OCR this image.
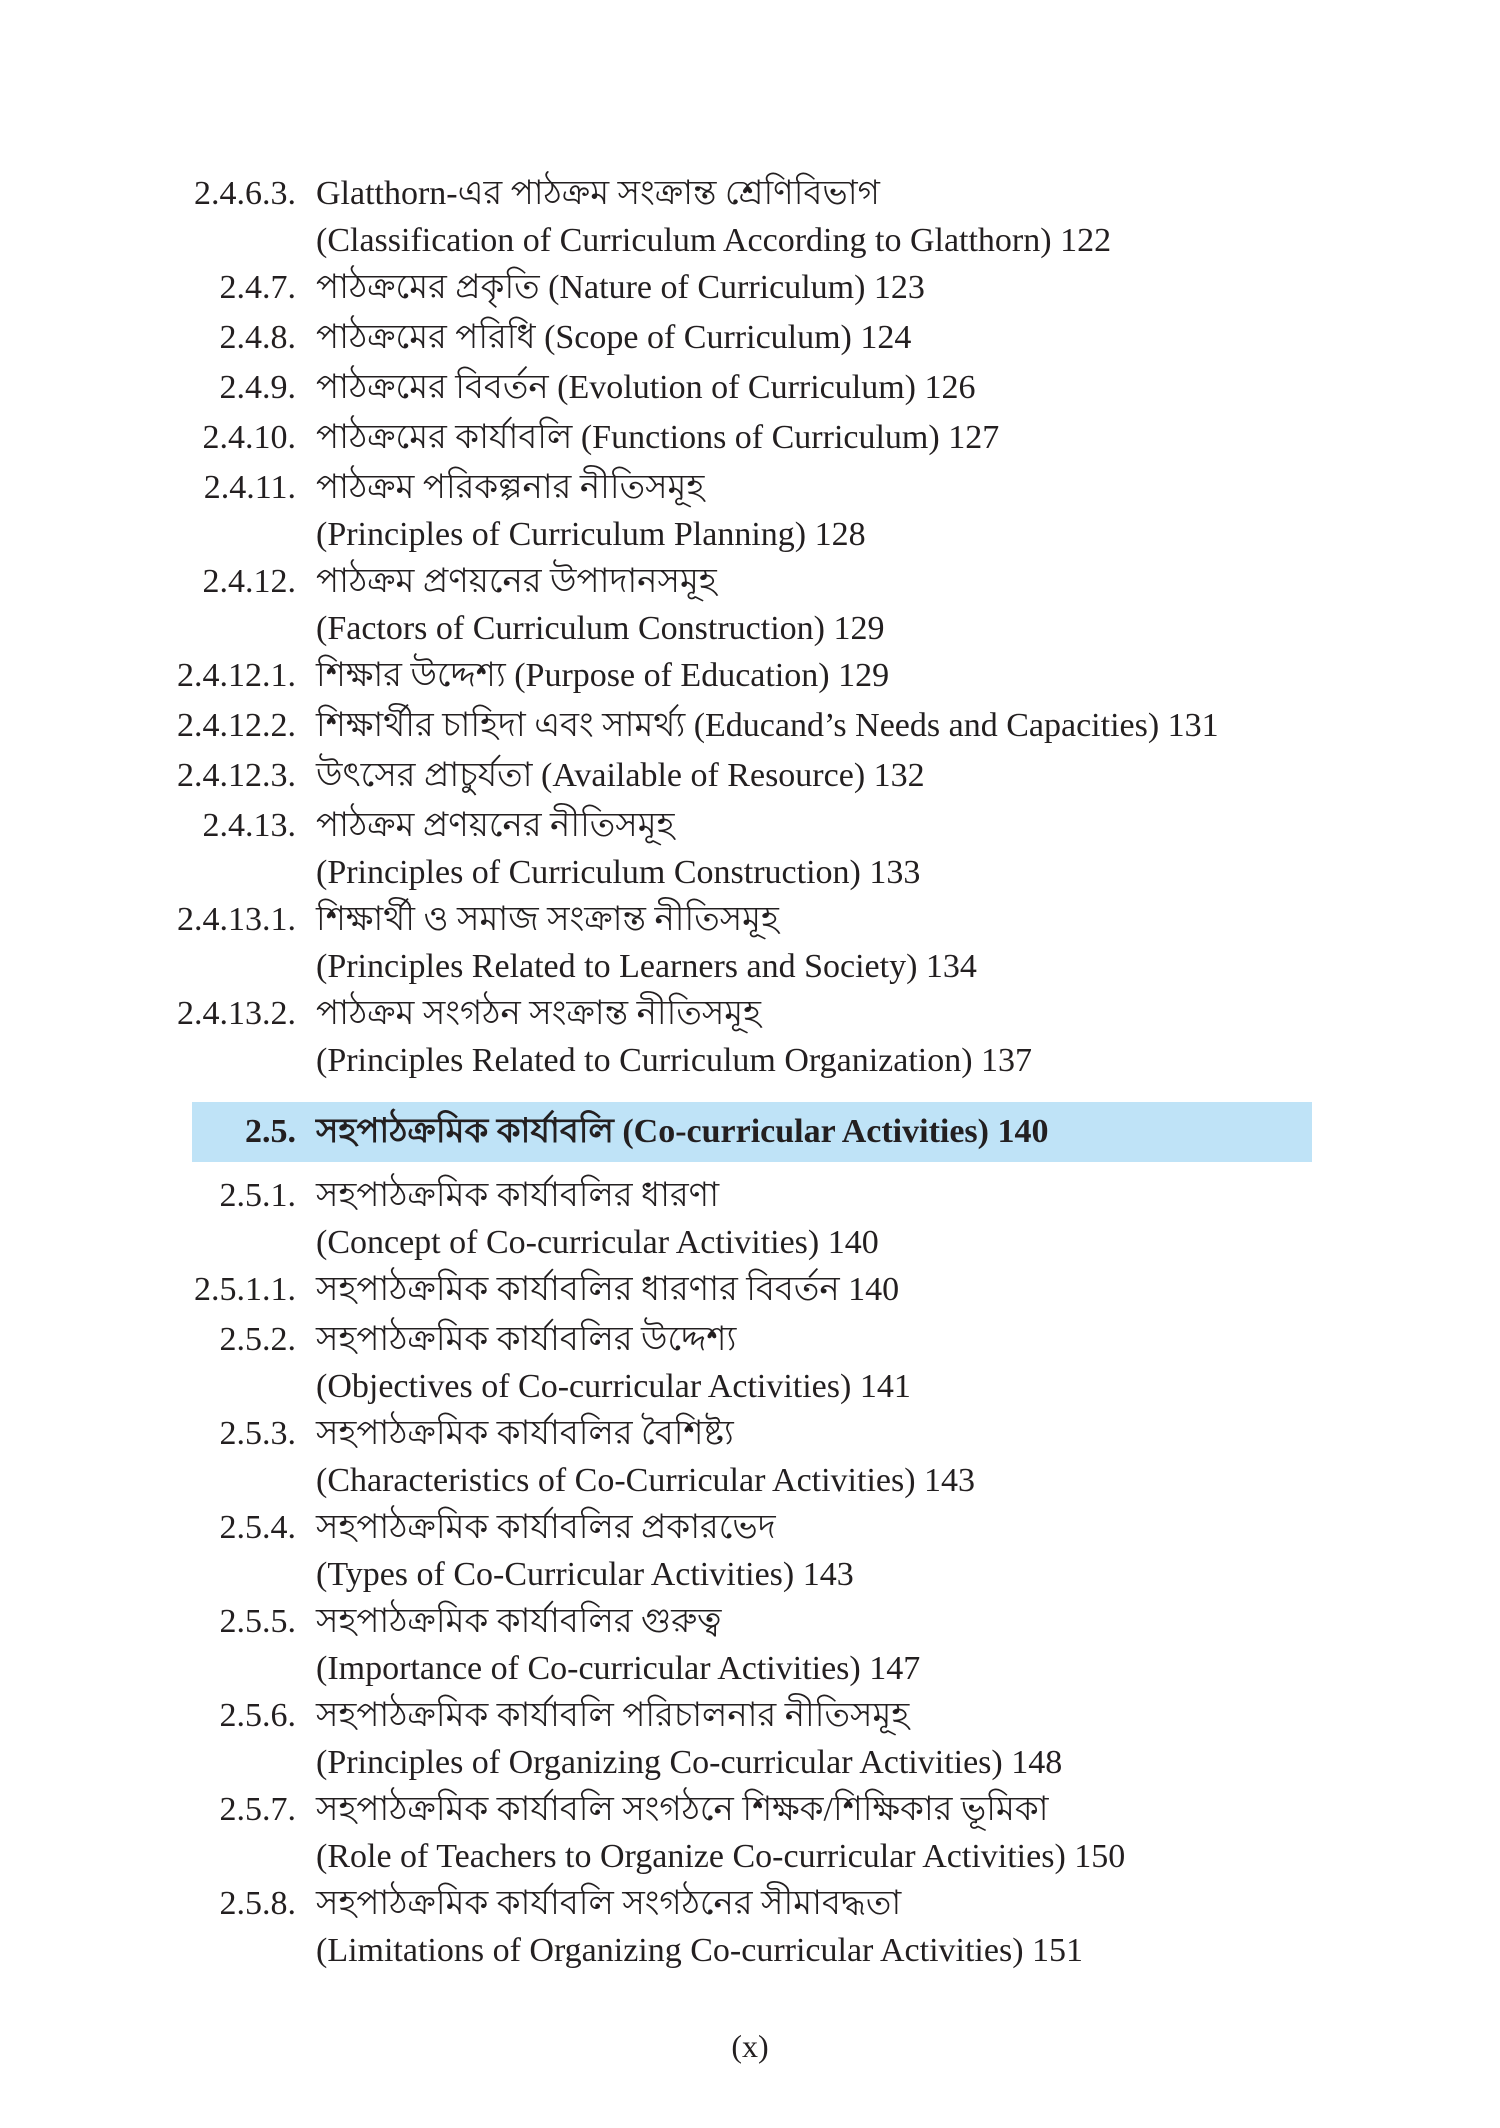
2.4.6.3. Glatthorn-এর পাঠক্রম সংক্রান্ত শ্রেণিবিভাগ
(Classification of Curriculum According to Glatthorn) 122
2.4.7. পাঠক্রমের প্রকৃতি (Nature of Curriculum) 123
2.4.8. পাঠক্রমের পরিধি (Scope of Curriculum) 124
2.4.9. পাঠক্রমের বিবর্তন (Evolution of Curriculum) 126
2.4.10. পাঠক্রমের কার্যাবলি (Functions of Curriculum) 127
2.4.11. পাঠক্রম পরিকল্পনার নীতিসমূহ
(Principles of Curriculum Planning) 128
2.4.12. পাঠক্রম প্রণয়নের উপাদানসমূহ
(Factors of Curriculum Construction) 129
2.4.12.1. শিক্ষার উদ্দেশ্য (Purpose of Education) 129
2.4.12.2. শিক্ষার্থীর চাহিদা এবং সামর্থ্য (Educand’s Needs and Capacities) 131
2.4.12.3. উৎসের প্রাচুর্যতা (Available of Resource) 132
2.4.13. পাঠক্রম প্রণয়নের নীতিসমূহ
(Principles of Curriculum Construction) 133
2.4.13.1. শিক্ষার্থী ও সমাজ সংক্রান্ত নীতিসমূহ
(Principles Related to Learners and Society) 134
2.4.13.2. পাঠক্রম সংগঠন সংক্রান্ত নীতিসমূহ
(Principles Related to Curriculum Organization) 137
2.5. সহপাঠক্রমিক কার্যাবলি (Co-curricular Activities) 140
2.5.1. সহপাঠক্রমিক কার্যাবলির ধারণা
(Concept of Co-curricular Activities) 140
2.5.1.1. সহপাঠক্রমিক কার্যাবলির ধারণার বিবর্তন 140
2.5.2. সহপাঠক্রমিক কার্যাবলির উদ্দেশ্য
(Objectives of Co-curricular Activities) 141
2.5.3. সহপাঠক্রমিক কার্যাবলির বৈশিষ্ট্য
(Characteristics of Co-Curricular Activities) 143
2.5.4. সহপাঠক্রমিক কার্যাবলির প্রকারভেদ
(Types of Co-Curricular Activities) 143
2.5.5. সহপাঠক্রমিক কার্যাবলির গুরুত্ব
(Importance of Co-curricular Activities) 147
2.5.6. সহপাঠক্রমিক কার্যাবলি পরিচালনার নীতিসমূহ
(Principles of Organizing Co-curricular Activities) 148
2.5.7. সহপাঠক্রমিক কার্যাবলি সংগঠনে শিক্ষক/শিক্ষিকার ভূমিকা
(Role of Teachers to Organize Co-curricular Activities) 150
2.5.8. সহপাঠক্রমিক কার্যাবলি সংগঠনের সীমাবদ্ধতা
(Limitations of Organizing Co-curricular Activities) 151
(x)
